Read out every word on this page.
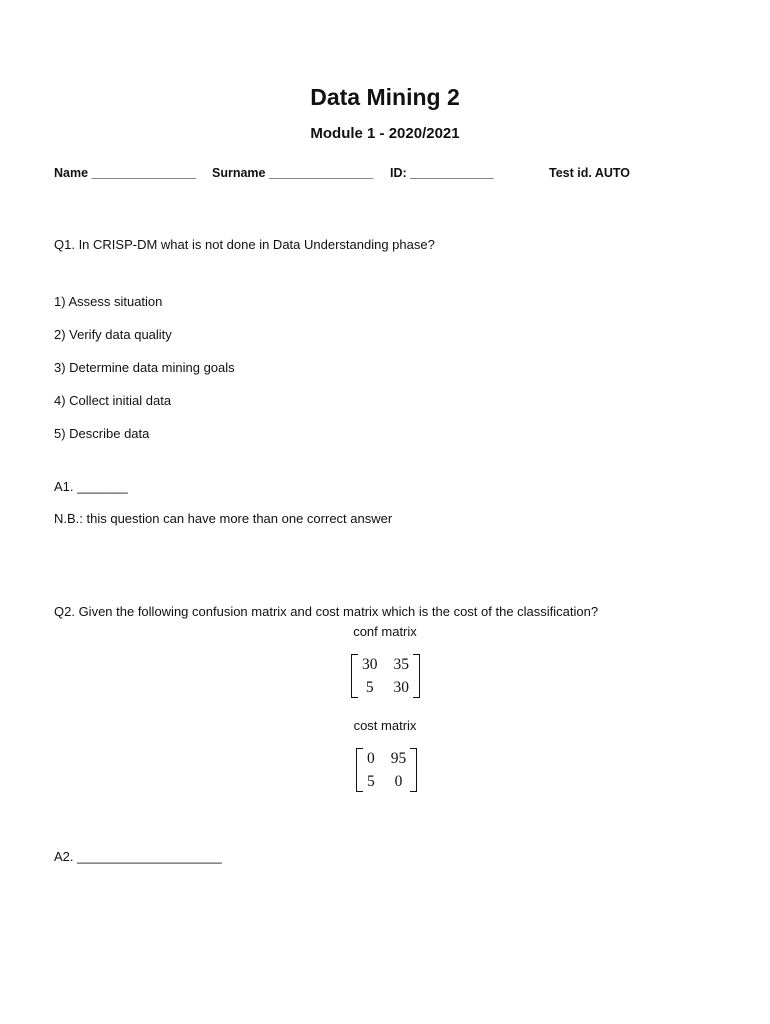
Data Mining 2
Module 1 - 2020/2021
Name _______________ Surname _______________ ID: ____________	Test id. AUTO
Q1. In CRISP-DM what is not done in Data Understanding phase?
1) Assess situation
2) Verify data quality
3) Determine data mining goals
4) Collect initial data
5) Describe data
A1. _______
N.B.: this question can have more than one correct answer
Q2. Given the following confusion matrix and cost matrix which is the cost of the classification?
conf matrix
30 35
5 30
cost matrix
0 95
5 0
A2. ____________________
